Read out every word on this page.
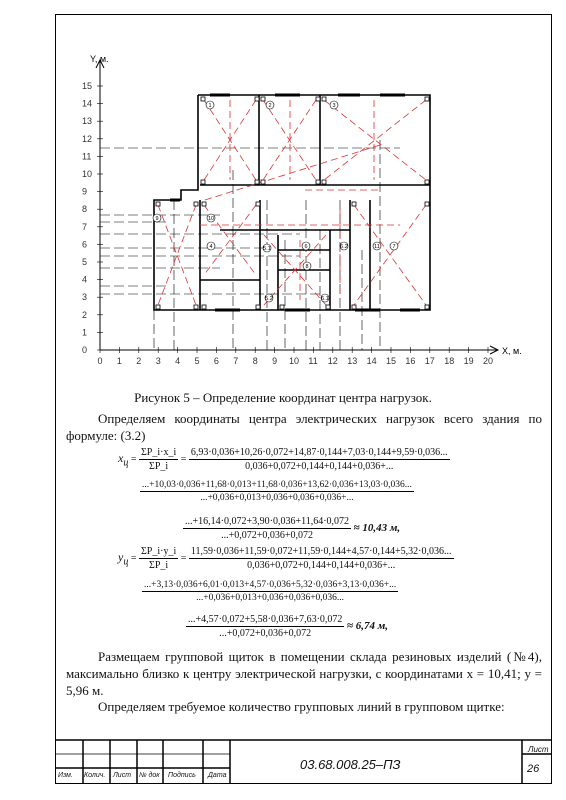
0
1
2
3
4
5
6
7
8
9
10
11
12
13
14
15
0 1 2 3 4 5 6 7 8 9 10 11 12 13 14 15 16 17 18 19 20
Y, м.
X, м.
1	2	3
4	5.1
5.2
6
6.1
6.2	7
8
9	10
11
Рисунок 5 – Определение координат центра нагрузок.
Определяем координаты центра электрических нагрузок всего здания по формуле: (3.2)
$x_ц = \frac{\Sigma P\_i\cdot x\_i}{\Sigma P\_i} = \frac{6,93\cdot 0,036+10,26\cdot 0,072+14,87\cdot 0,144+7,03\cdot 0,144+9,59\cdot 0,036...}{0,036+0,072+0,144+0,144+0,036+...}$
...+10,03·0,036+11,68·0,013+11,68·0,036+13,62·0,036+13,03·0,036...
...+0,036+0,013+0,036+0,036+0,036+...
$\frac{...+16,14\cdot 0,072+3,90\cdot 0,036+11,64\cdot 0,072}{...+0,072+0,036+0,072} \approx 10,43$ м,
$y_ц = \frac{\Sigma P\_i\cdot y\_i}{\Sigma P\_i} = \frac{11,59\cdot 0,036+11,59\cdot 0,072+11,59\cdot 0,144+4,57\cdot 0,144+5,32\cdot 0,036...}{0,036+0,072+0,144+0,144+0,036+...}$
...+3,13·0,036+6,01·0,013+4,57·0,036+5,32·0,036+3,13·0,036+...
...+0,036+0,013+0,036+0,036+0,036...
$\frac{...+4,57\cdot 0,072+5,58\cdot 0,036+7,63\cdot 0,072}{...+0,072+0,036+0,072} \approx 6,74$ м,
Размещаем групповой щиток в помещении склада резиновых изделий (№4), максимально близко к центру электрической нагрузки, с координатами x = 10,41; y = 5,96 м.
Определяем требуемое количество групповых линий в групповом щитке:
Изм. Колич. Лист № док Подпись Дата
03.68.008.25–ПЗ
Лист
26
